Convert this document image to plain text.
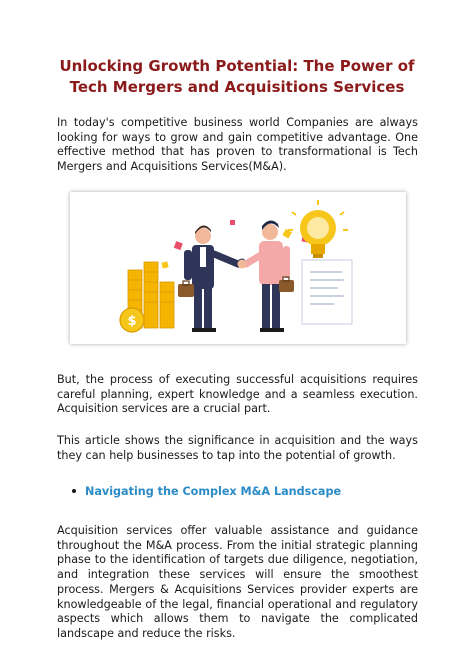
Unlocking Growth Potential: The Power of Tech Mergers and Acquisitions Services

In today's competitive business world Companies are always looking for ways to grow and gain competitive advantage. One effective method that has proven to transformational is Tech Mergers and Acquisitions Services(M&A).

$

But, the process of executing successful acquisitions requires careful planning, expert knowledge and a seamless execution. Acquisition services are a crucial part.

This article shows the significance in acquisition and the ways they can help businesses to tap into the potential of growth.

Navigating the Complex M&A Landscape

Acquisition services offer valuable assistance and guidance throughout the M&A process. From the initial strategic planning phase to the identification of targets due diligence, negotiation, and integration these services will ensure the smoothest process. Mergers & Acquisitions Services provider experts are knowledgeable of the legal, financial operational and regulatory aspects which allows them to navigate the complicated landscape and reduce the risks.
